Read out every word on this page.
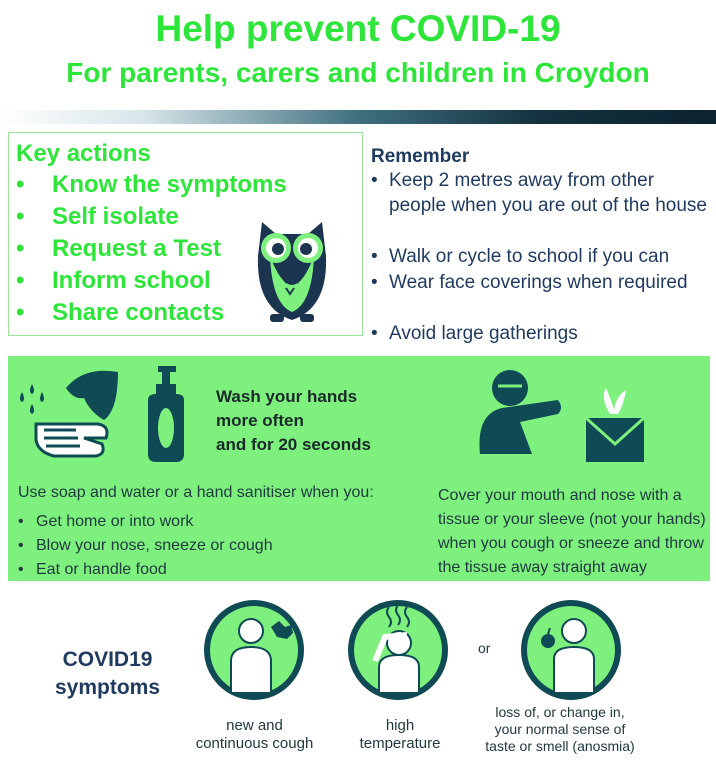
Help prevent COVID-19
For parents, carers and children in Croydon
Key actions
• Know the symptoms
• Self isolate
• Request a Test
• Inform school
• Share contacts
Remember
• Keep 2 metres away from other people when you are out of the house
• Walk or cycle to school if you can
• Wear face coverings when required
• Avoid large gatherings
Wash your hands
more often
and for 20 seconds
Use soap and water or a hand sanitiser when you:
• Get home or into work
• Blow your nose, sneeze or cough
• Eat or handle food
Cover your mouth and nose with a tissue or your sleeve (not your hands) when you cough or sneeze and throw the tissue away straight away
COVID19
symptoms
or
new and
continuous cough
high
temperature
loss of, or change in,
your normal sense of
taste or smell (anosmia)
